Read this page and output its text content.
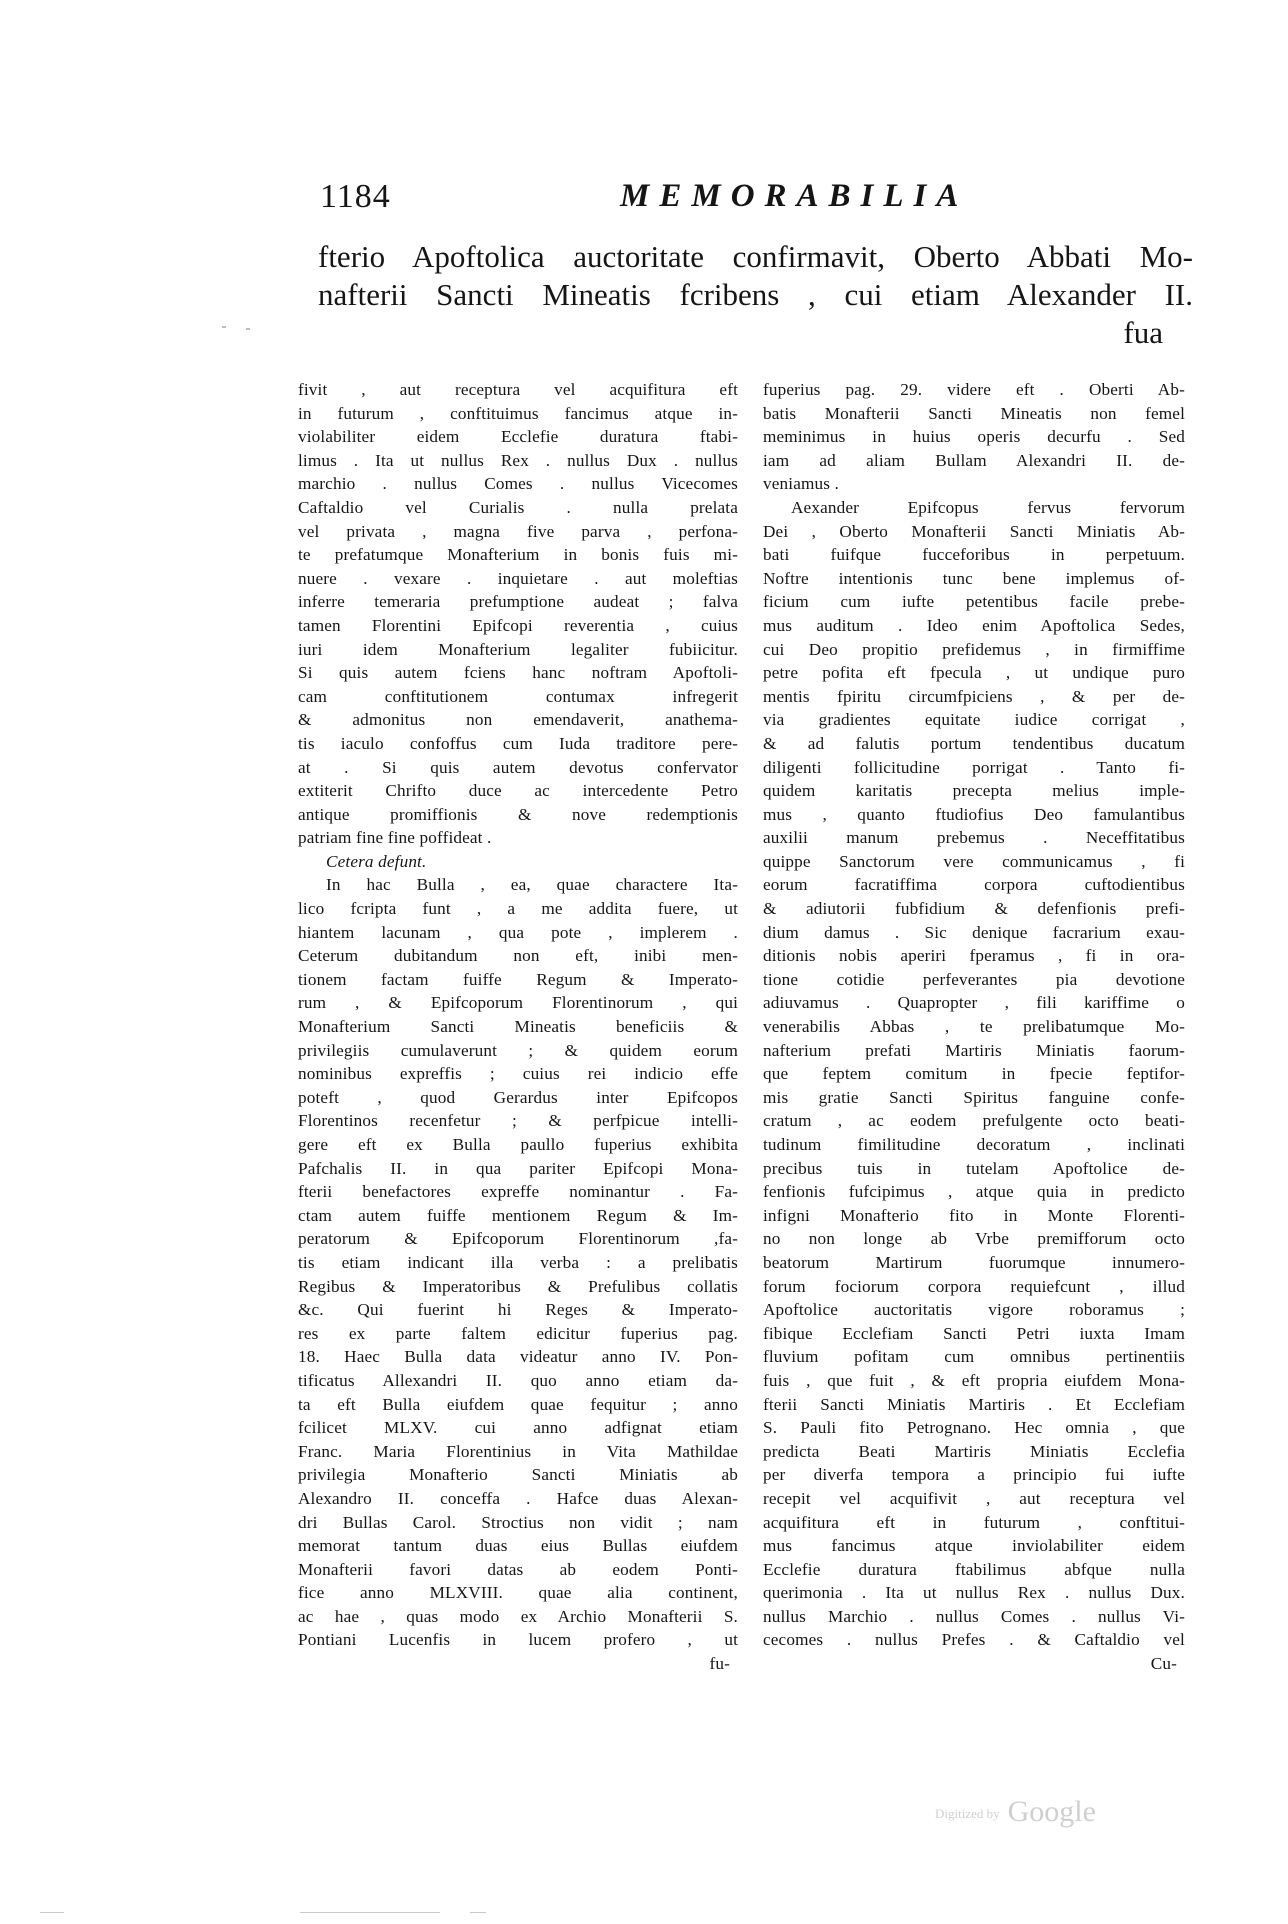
1184	MEMORABILIA
fterio Apoftolica auctoritate confirmavit, Oberto Abbati Mo-
nafterii Sancti Mineatis fcribens , cui etiam Alexander II.
fua
fivit , aut receptura vel acquifitura eft
in futurum , conftituimus fancimus atque in-
violabiliter eidem Ecclefie duratura ftabi-
limus . Ita ut nullus Rex . nullus Dux . nullus
marchio . nullus Comes . nullus Vicecomes
Caftaldio vel Curialis . nulla prelata
vel privata , magna five parva , perfona-
te prefatumque Monafterium in bonis fuis mi-
nuere . vexare . inquietare . aut moleftias
inferre temeraria prefumptione audeat ; falva
tamen Florentini Epifcopi reverentia , cuius
iuri idem Monafterium legaliter fubiicitur.
Si quis autem fciens hanc noftram Apoftoli-
cam conftitutionem contumax infregerit
& admonitus non emendaverit, anathema-
tis iaculo confoffus cum Iuda traditore pere-
at . Si quis autem devotus confervator
extiterit Chrifto duce ac intercedente Petro
antique promiffionis & nove redemptionis
patriam fine fine poffideat .
Cetera defunt.
In hac Bulla , ea, quae charactere Ita-
lico fcripta funt , a me addita fuere, ut
hiantem lacunam , qua pote , implerem .
Ceterum dubitandum non eft, inibi men-
tionem factam fuiffe Regum & Imperato-
rum , & Epifcoporum Florentinorum , qui
Monafterium Sancti Mineatis beneficiis &
privilegiis cumulaverunt ; & quidem eorum
nominibus expreffis ; cuius rei indicio effe
poteft , quod Gerardus inter Epifcopos
Florentinos recenfetur ; & perfpicue intelli-
gere eft ex Bulla paullo fuperius exhibita
Pafchalis II. in qua pariter Epifcopi Mona-
fterii benefactores expreffe nominantur . Fa-
ctam autem fuiffe mentionem Regum & Im-
peratorum & Epifcoporum Florentinorum ,fa-
tis etiam indicant illa verba : a prelibatis
Regibus & Imperatoribus & Prefulibus collatis
&c. Qui fuerint hi Reges & Imperato-
res ex parte faltem edicitur fuperius pag.
18. Haec Bulla data videatur anno IV. Pon-
tificatus Allexandri II. quo anno etiam da-
ta eft Bulla eiufdem quae fequitur ; anno
fcilicet MLXV. cui anno adfignat etiam
Franc. Maria Florentinius in Vita Mathildae
privilegia Monafterio Sancti Miniatis ab
Alexandro II. conceffa . Hafce duas Alexan-
dri Bullas Carol. Stroctius non vidit ; nam
memorat tantum duas eius Bullas eiufdem
Monafterii favori datas ab eodem Ponti-
fice anno MLXVIII. quae alia continent,
ac hae , quas modo ex Archio Monafterii S.
Pontiani Lucenfis in lucem profero , ut
fu-
fuperius pag. 29. videre eft . Oberti Ab-
batis Monafterii Sancti Mineatis non femel
meminimus in huius operis decurfu . Sed
iam ad aliam Bullam Alexandri II. de-
veniamus .
Aexander Epifcopus fervus fervorum
Dei , Oberto Monafterii Sancti Miniatis Ab-
bati fuifque fucceforibus in perpetuum.
Noftre intentionis tunc bene implemus of-
ficium cum iufte petentibus facile prebe-
mus auditum . Ideo enim Apoftolica Sedes,
cui Deo propitio prefidemus , in firmiffime
petre pofita eft fpecula , ut undique puro
mentis fpiritu circumfpiciens , & per de-
via gradientes equitate iudice corrigat ,
& ad falutis portum tendentibus ducatum
diligenti follicitudine porrigat . Tanto fi-
quidem karitatis precepta melius imple-
mus , quanto ftudiofius Deo famulantibus
auxilii manum prebemus . Neceffitatibus
quippe Sanctorum vere communicamus , fi
eorum facratiffima corpora cuftodientibus
& adiutorii fubfidium & defenfionis prefi-
dium damus . Sic denique facrarium exau-
ditionis nobis aperiri fperamus , fi in ora-
tione cotidie perfeverantes pia devotione
adiuvamus . Quapropter , fili kariffime o
venerabilis Abbas , te prelibatumque Mo-
nafterium prefati Martiris Miniatis faorum-
que feptem comitum in fpecie feptifor-
mis gratie Sancti Spiritus fanguine confe-
cratum , ac eodem prefulgente octo beati-
tudinum fimilitudine decoratum , inclinati
precibus tuis in tutelam Apoftolice de-
fenfionis fufcipimus , atque quia in predicto
infigni Monafterio fito in Monte Florenti-
no non longe ab Vrbe premifforum octo
beatorum Martirum fuorumque innumero-
forum fociorum corpora requiefcunt , illud
Apoftolice auctoritatis vigore roboramus ;
fibique Ecclefiam Sancti Petri iuxta Imam
fluvium pofitam cum omnibus pertinentiis
fuis , que fuit , & eft propria eiufdem Mona-
fterii Sancti Miniatis Martiris . Et Ecclefiam
S. Pauli fito Petrognano. Hec omnia , que
predicta Beati Martiris Miniatis Ecclefia
per diverfa tempora a principio fui iufte
recepit vel acquifivit , aut receptura vel
acquifitura eft in futurum , conftitui-
mus fancimus atque inviolabiliter eidem
Ecclefie duratura ftabilimus abfque nulla
querimonia . Ita ut nullus Rex . nullus Dux.
nullus Marchio . nullus Comes . nullus Vi-
cecomes . nullus Prefes . & Caftaldio vel
Cu-
Digitized by Google
